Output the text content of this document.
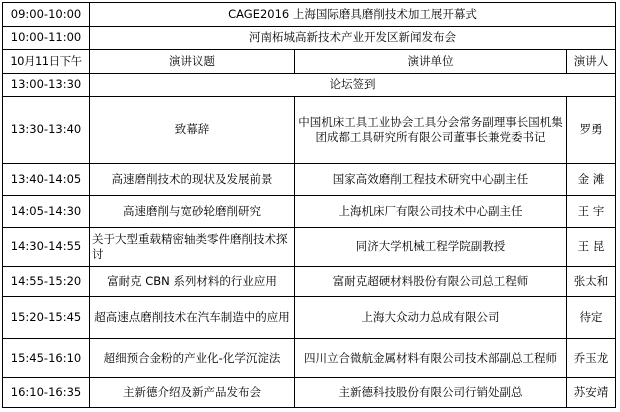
09:00-10:00	CAGE2016 上海国际磨具磨削技术加工展开幕式		
10:00-11:00	河南柘城高新技术产业开发区新闻发布会		
10月11日下午	演讲议题	演讲单位	演讲人
13:00-13:30	论坛签到		
13:30-13:40	致幕辞	中国机床工具工业协会工具分会常务副理事长国机集团成都工具研究所有限公司董事长兼党委书记	罗勇
13:40-14:05	高速磨削技术的现状及发展前景	国家高效磨削工程技术研究中心副主任	金 滩
14:05-14:30	高速磨削与宽砂轮磨削研究	上海机床厂有限公司技术中心副主任	王 宇
14:30-14:55	关于大型重载精密轴类零件磨削技术探讨	同济大学机械工程学院副教授	王 昆
14:55-15:20	富耐克 CBN 系列材料的行业应用	富耐克超硬材料股份有限公司总工程师	张太和
15:20-15:45	超高速点磨削技术在汽车制造中的应用	上海大众动力总成有限公司	待定
15:45-16:10	超细预合金粉的产业化-化学沉淀法	四川立合微航金属材料有限公司技术部副总工程师	乔玉龙
16:10-16:35	主新德介绍及新产品发布会	主新德科技股份有限公司行销处副总	苏安靖
